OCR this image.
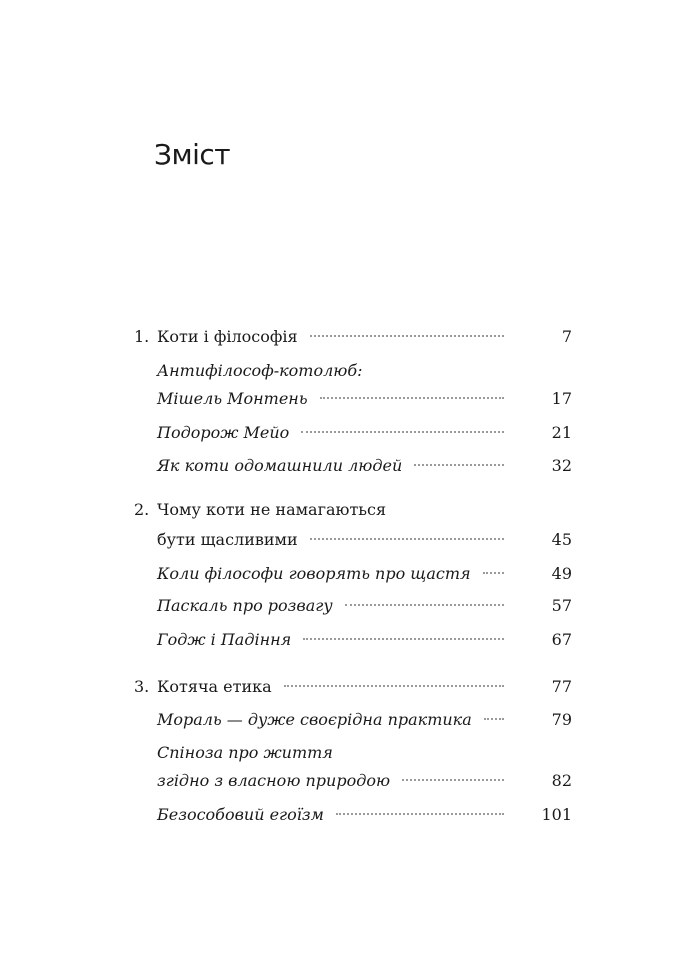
Зміст
1. Коти і філософія	7
Антифілософ-котолюб:
Мішель Монтень	17
Подорож Мейо	21
Як коти одомашнили людей	32
2. Чому коти не намагаються
бути щасливими	45
Коли філософи говорять про щастя	49
Паскаль про розвагу	57
Годж і Падіння	67
3. Котяча етика	77
Мораль — дуже своєрідна практика	79
Спіноза про життя
згідно з власною природою	82
Безособовий егоїзм	101
